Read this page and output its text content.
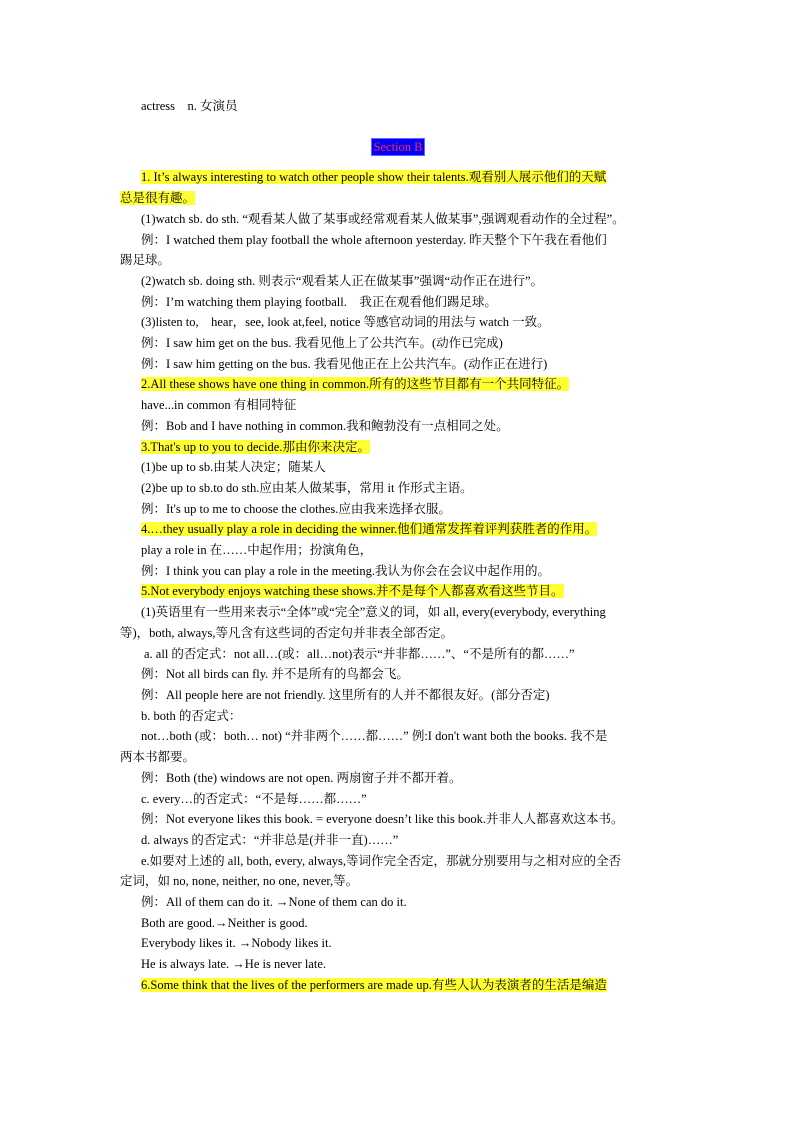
actress　n. 女演员
Section B
1. It’s always interesting to watch other people show their talents.观看别人展示他们的天赋
总是很有趣。
(1)watch sb. do sth. “观看某人做了某事或经常观看某人做某事”,强调观看动作的全过程”。
例：I watched them play football the whole afternoon yesterday. 昨天整个下午我在看他们
踢足球。
(2)watch sb. doing sth. 则表示“观看某人正在做某事”强调“动作正在进行”。
例：I’m watching them playing football.　我正在观看他们踢足球。
(3)listen to,　hear，see, look at,feel, notice 等感官动词的用法与 watch 一致。
例：I saw him get on the bus. 我看见他上了公共汽车。(动作已完成)
例：I saw him getting on the bus. 我看见他正在上公共汽车。(动作正在进行)
2.All these shows have one thing in common.所有的这些节目都有一个共同特征。
have...in common 有相同特征
例：Bob and I have nothing in common.我和鲍勃没有一点相同之处。
3.That's up to you to decide.那由你来决定。
(1)be up to sb.由某人决定；随某人
(2)be up to sb.to do sth.应由某人做某事，常用 it 作形式主语。
例：It's up to me to choose the clothes.应由我来选择衣服。
4.…they usually play a role in deciding the winner.他们通常发挥着评判获胜者的作用。
play a role in 在……中起作用；扮演角色，
例：I think you can play a role in the meeting.我认为你会在会议中起作用的。
5.Not everybody enjoys watching these shows.并不是每个人都喜欢看这些节目。
(1)英语里有一些用来表示“全体”或“完全”意义的词，如 all, every(everybody, everything
等)，both, always,等凡含有这些词的否定句并非表全部否定。
a. all 的否定式：not all…(或：all…not)表示“并非都……”、“不是所有的都……”
例：Not all birds can fly. 并不是所有的鸟都会飞。
例：All people here are not friendly. 这里所有的人并不都很友好。(部分否定)
b. both 的否定式：
not…both (或：both… not) “并非两个……都……” 例:I don't want both the books. 我不是
两本书都要。
例：Both (the) windows are not open. 两扇窗子并不都开着。
c. every…的否定式：“不是每……都……”
例：Not everyone likes this book. = everyone doesn’t like this book.并非人人都喜欢这本书。
d. always 的否定式：“并非总是(并非一直)……”
e.如要对上述的 all, both, every, always,等词作完全否定，那就分别要用与之相对应的全否
定词，如 no, none, neither, no one, never,等。
例：All of them can do it. →None of them can do it.
Both are good.→Neither is good.
Everybody likes it. →Nobody likes it.
He is always late. →He is never late.
6.Some think that the lives of the performers are made up.有些人认为表演者的生活是编造
